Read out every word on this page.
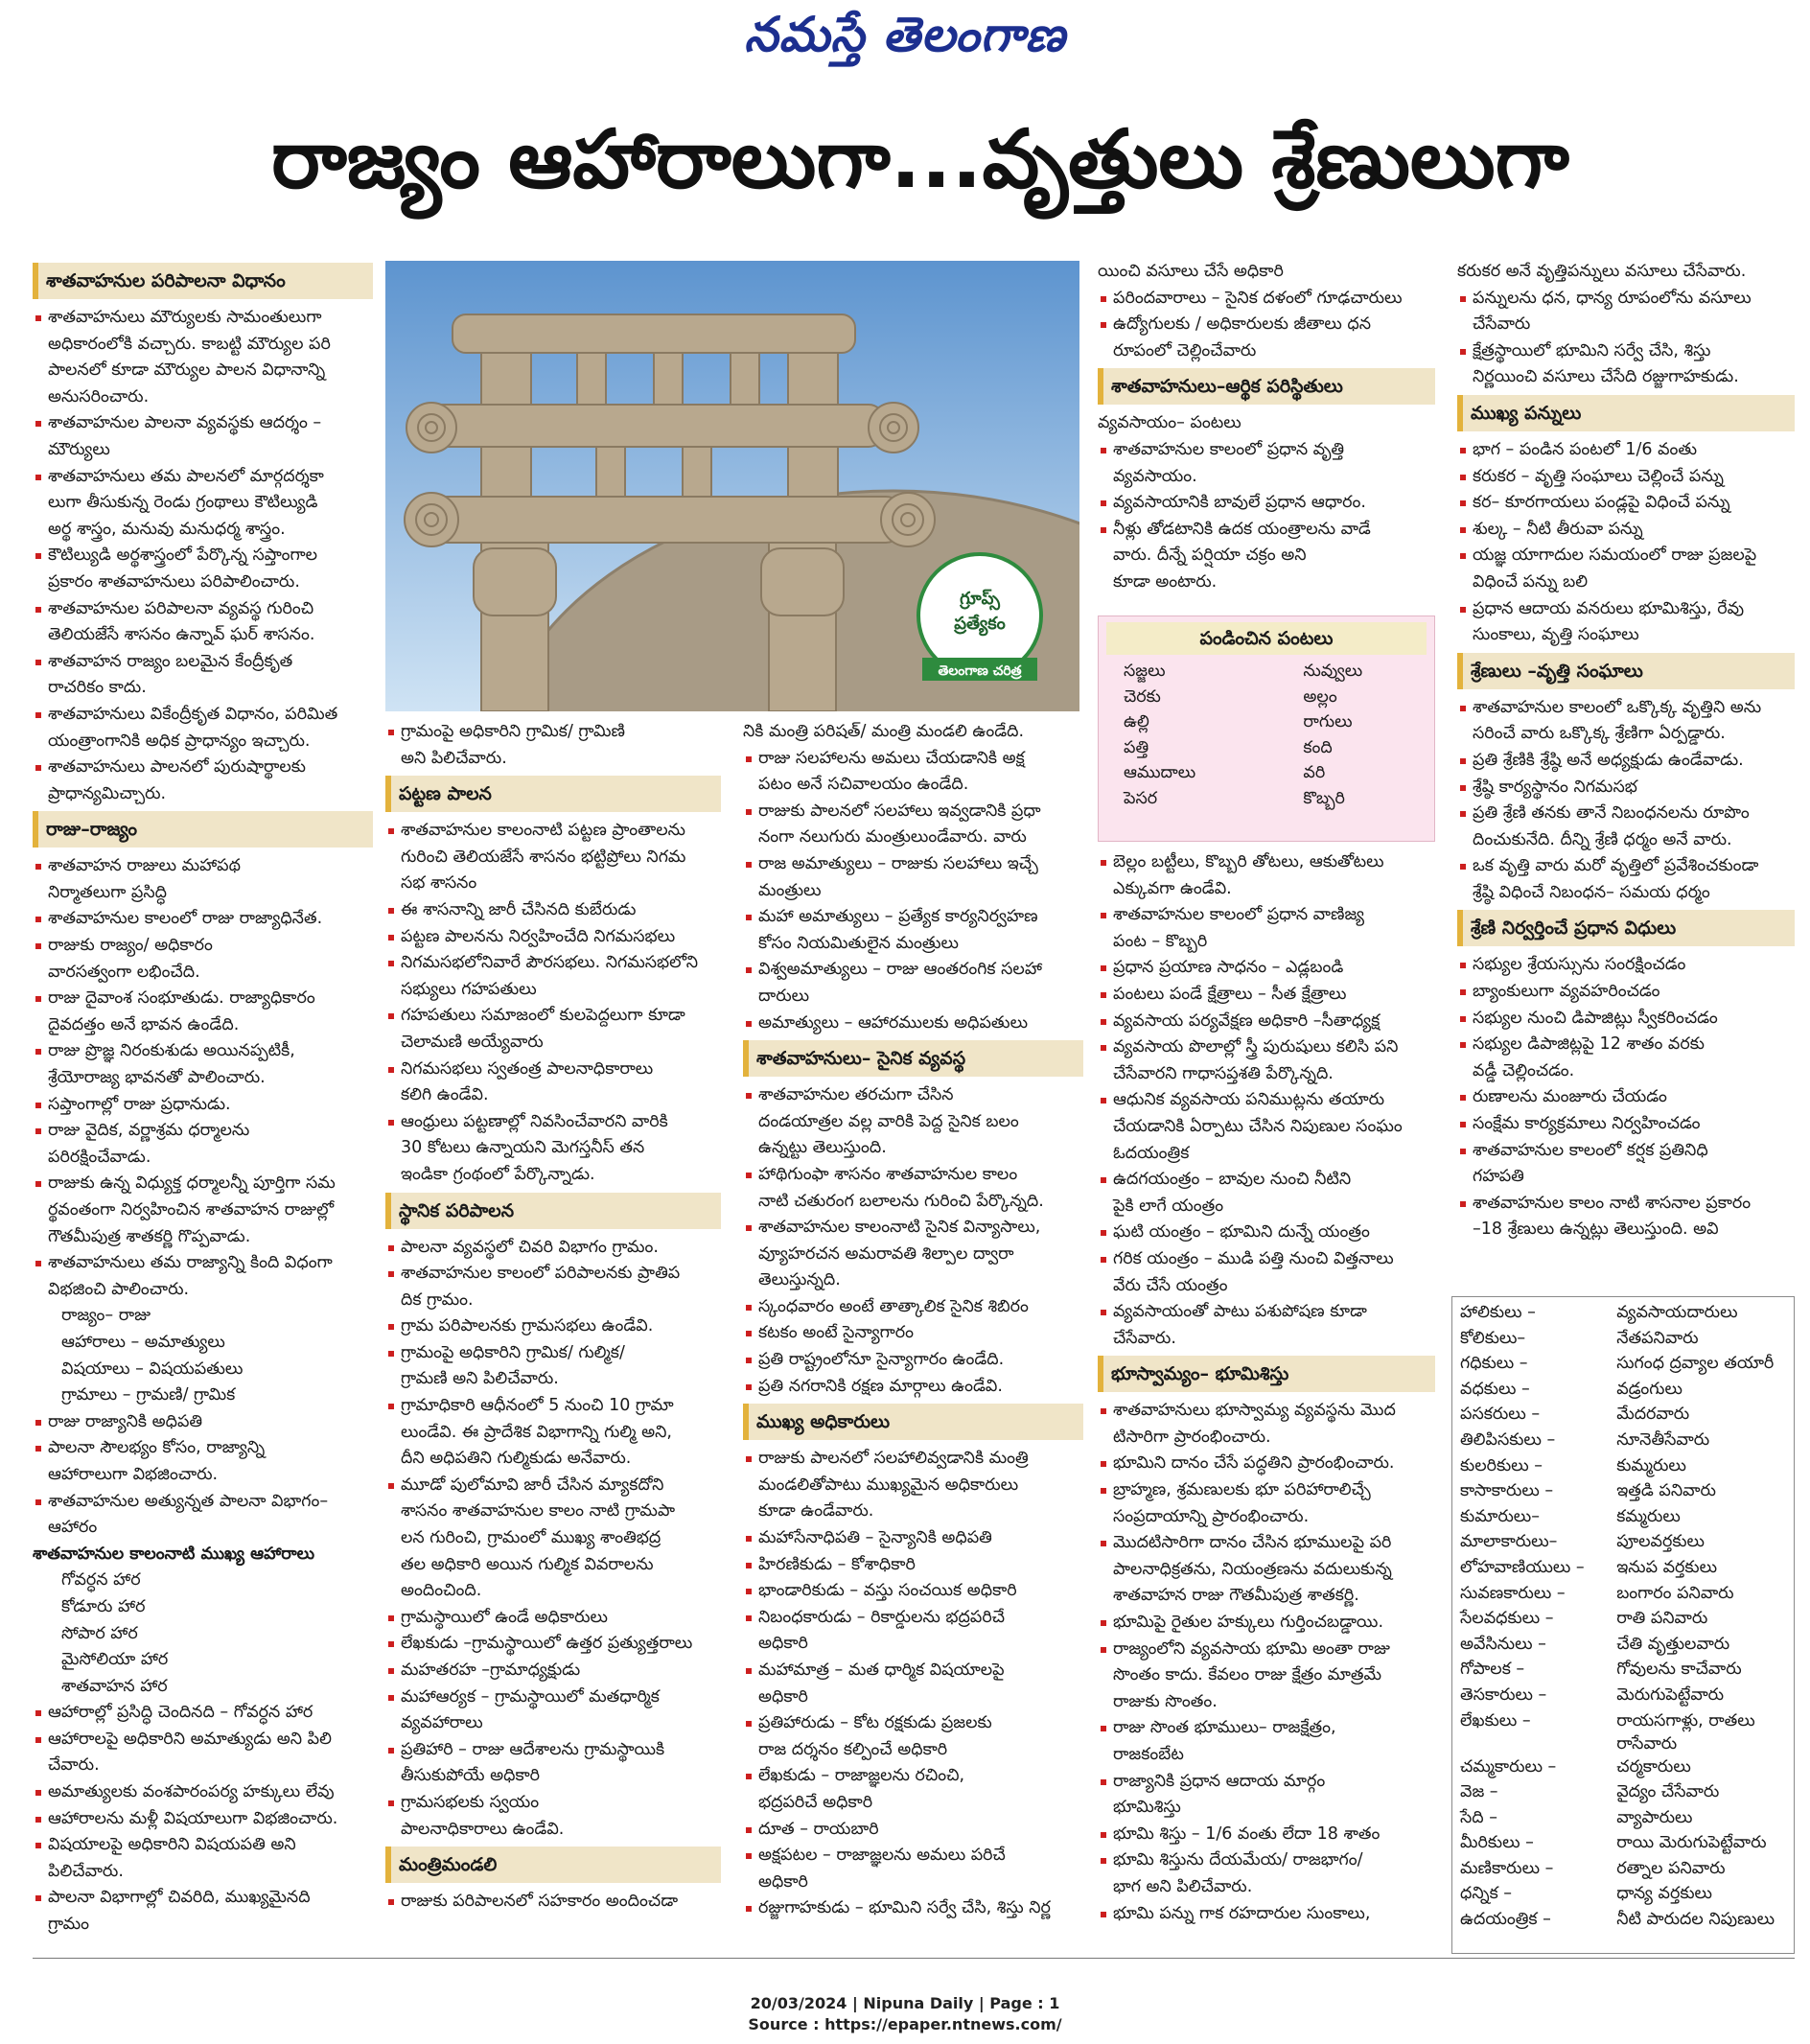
నమస్తే తెలంగాణ
రాజ్యం ఆహారాలుగా...వృత్తులు శ్రేణులుగా
శాతవాహనుల పరిపాలనా విధానం
శాతవాహనులు మౌర్యులకు సామంతులుగా
అధికారంలోకి వచ్చారు. కాబట్టి మౌర్యుల పరి
పాలనలో కూడా మౌర్యుల పాలన విధానాన్ని
అనుసరించారు.
శాతవాహనుల పాలనా వ్యవస్థకు ఆదర్శం –
మౌర్యులు
శాతవాహనులు తమ పాలనలో మార్గదర్శకా
లుగా తీసుకున్న రెండు గ్రంథాలు కౌటిల్యుడి
అర్థ శాస్త్రం, మనువు మనుధర్మ శాస్త్రం.
కౌటిల్యుడి అర్థశాస్త్రంలో పేర్కొన్న సప్తాంగాల
ప్రకారం శాతవాహనులు పరిపాలించారు.
శాతవాహనుల పరిపాలనా వ్యవస్థ గురించి
తెలియజేసే శాసనం ఉన్నావ్ ఘర్ శాసనం.
శాతవాహన రాజ్యం బలమైన కేంద్రీకృత
రాచరికం కాదు.
శాతవాహనులు వికేంద్రీకృత విధానం, పరిమిత
యంత్రాంగానికి అధిక ప్రాధాన్యం ఇచ్చారు.
శాతవాహనులు పాలనలో పురుషార్థాలకు
ప్రాధాన్యమిచ్చారు.
రాజు–రాజ్యం
శాతవాహన రాజులు మహాపథ
నిర్మాతలుగా ప్రసిద్ధి
శాతవాహనుల కాలంలో రాజు రాజ్యాధినేత.
రాజుకు రాజ్యం/ అధికారం
వారసత్వంగా లభించేది.
రాజు దైవాంశ సంభూతుడు. రాజ్యాధికారం
దైవదత్తం అనే భావన ఉండేది.
రాజు ప్రొజ్ఞ నిరంకుశుడు అయినప్పటికీ,
శ్రేయోరాజ్య భావనతో పాలించారు.
సప్తాంగాల్లో రాజు ప్రధానుడు.
రాజు వైదిక, వర్ణాశ్రమ ధర్మాలను
పరిరక్షించేవాడు.
రాజుకు ఉన్న విధ్యుక్త ధర్మాలన్నీ పూర్తిగా సమ
ర్థవంతంగా నిర్వహించిన శాతవాహన రాజుల్లో
గౌతమీపుత్ర శాతకర్ణి గొప్పవాడు.
శాతవాహనులు తమ రాజ్యాన్ని కింది విధంగా
విభజించి పాలించారు.
రాజ్యం– రాజు
ఆహారాలు – అమాత్యులు
విషయాలు – విషయపతులు
గ్రామాలు – గ్రామణి/ గ్రామిక
రాజు రాజ్యానికి అధిపతి
పాలనా సౌలభ్యం కోసం, రాజ్యాన్ని
ఆహారాలుగా విభజించారు.
శాతవాహనుల అత్యున్నత పాలనా విభాగం–
ఆహారం
శాతవాహనుల కాలంనాటి ముఖ్య ఆహారాలు
గోవర్ధన హార
కోడూరు హార
సోపార హార
మైసోలియా హార
శాతవాహన హార
ఆహారాల్లో ప్రసిద్ధి చెందినది – గోవర్ధన హార
ఆహారాలపై అధికారిని అమాత్యుడు అని పిలి
చేవారు.
అమాత్యులకు వంశపారంపర్య హక్కులు లేవు
ఆహారాలను మళ్లీ విషయాలుగా విభజించారు.
విషయాలపై అధికారిని విషయపతి అని పిలిచేవారు.
పాలనా విభాగాల్లో చివరిది, ముఖ్యమైనది
గ్రామం
గ్రూప్స్
ప్రత్యేకం
తెలంగాణ చరిత్ర
గ్రామంపై అధికారిని గ్రామిక/ గ్రామిణి
అని పిలిచేవారు.
పట్టణ పాలన
శాతవాహనుల కాలంనాటి పట్టణ ప్రాంతాలను
గురించి తెలియజేసే శాసనం భట్టిప్రోలు నిగమ
సభ శాసనం
ఈ శాసనాన్ని జారీ చేసినది కుబేరుడు
పట్టణ పాలనను నిర్వహించేది నిగమసభలు
నిగమసభలోనివారే పౌరసభలు. నిగమసభలోని
సభ్యులు గహపతులు
గహపతులు సమాజంలో కులపెద్దలుగా కూడా
చెలామణి అయ్యేవారు
నిగమసభలు స్వతంత్ర పాలనాధికారాలు
కలిగి ఉండేవి.
ఆంధ్రులు పట్టణాల్లో నివసించేవారని వారికి
30 కోటలు ఉన్నాయని మెగస్తనీస్ తన
ఇండికా గ్రంథంలో పేర్కొన్నాడు.
స్థానిక పరిపాలన
పాలనా వ్యవస్థలో చివరి విభాగం గ్రామం.
శాతవాహనుల కాలంలో పరిపాలనకు ప్రాతిప
దిక గ్రామం.
గ్రామ పరిపాలనకు గ్రామసభలు ఉండేవి.
గ్రామంపై అధికారిని గ్రామిక/ గుల్మిక/
గ్రామణి అని పిలిచేవారు.
గ్రామాధికారి ఆధీనంలో 5 నుంచి 10 గ్రామా
లుండేవి. ఈ ప్రాదేశిక విభాగాన్ని గుల్మి అని,
దీని అధిపతిని గుల్మికుడు అనేవారు.
మూడో పులోమావి జారీ చేసిన మ్యాకదోని
శాసనం శాతవాహనుల కాలం నాటి గ్రామపా
లన గురించి, గ్రామంలో ముఖ్య శాంతిభద్ర
తల అధికారి అయిన గుల్మిక వివరాలను
అందించింది.
గ్రామస్థాయిలో ఉండే అధికారులు
లేఖకుడు –గ్రామస్థాయిలో ఉత్తర ప్రత్యుత్తరాలు
మహతరహ –గ్రామాధ్యక్షుడు
మహాఆర్యక – గ్రామస్థాయిలో మతధార్మిక
వ్యవహారాలు
ప్రతిహారి – రాజు ఆదేశాలను గ్రామస్థాయికి
తీసుకుపోయే అధికారి
గ్రామసభలకు స్వయం
పాలనాధికారాలు ఉండేవి.
మంత్రిమండలి
రాజుకు పరిపాలనలో సహకారం అందించడా
నికి మంత్రి పరిషత్/ మంత్రి మండలి ఉండేది.
రాజు సలహాలను అమలు చేయడానికి అక్ష
పటం అనే సచివాలయం ఉండేది.
రాజుకు పాలనలో సలహాలు ఇవ్వడానికి ప్రధా
నంగా నలుగురు మంత్రులుండేవారు. వారు
రాజ అమాత్యులు – రాజుకు సలహాలు ఇచ్చే
మంత్రులు
మహా అమాత్యులు – ప్రత్యేక కార్యనిర్వహణ
కోసం నియమితులైన మంత్రులు
విశ్వఅమాత్యులు – రాజు ఆంతరంగిక సలహా
దారులు
అమాత్యులు – ఆహారములకు అధిపతులు
శాతవాహనులు– సైనిక వ్యవస్థ
శాతవాహనుల తరచుగా చేసిన
దండయాత్రల వల్ల వారికి పెద్ద సైనిక బలం
ఉన్నట్టు తెలుస్తుంది.
హాథిగుంఫా శాసనం శాతవాహనుల కాలం
నాటి చతురంగ బలాలను గురించి పేర్కొన్నది.
శాతవాహనుల కాలంనాటి సైనిక విన్యాసాలు,
వ్యూహరచన అమరావతి శిల్పాల ద్వారా
తెలుస్తున్నది.
స్కంధవారం అంటే తాత్కాలిక సైనిక శిబిరం
కటకం అంటే సైన్యాగారం
ప్రతి రాష్ట్రంలోనూ సైన్యాగారం ఉండేది.
ప్రతి నగరానికి రక్షణ మార్గాలు ఉండేవి.
ముఖ్య అధికారులు
రాజుకు పాలనలో సలహాలివ్వడానికి మంత్రి
మండలితోపాటు ముఖ్యమైన అధికారులు
కూడా ఉండేవారు.
మహాసేనాధిపతి – సైన్యానికి అధిపతి
హిరణికుడు – కోశాధికారి
భాండారికుడు – వస్తు సంచయిక అధికారి
నిబంధకారుడు – రికార్డులను భద్రపరిచే
అధికారి
మహామాత్ర – మత ధార్మిక విషయాలపై
అధికారి
ప్రతిహారుడు – కోట రక్షకుడు ప్రజలకు
రాజ దర్శనం కల్పించే అధికారి
లేఖకుడు – రాజాజ్ఞలను రచించి,
భద్రపరిచే అధికారి
దూత – రాయబారి
అక్షపటల – రాజాజ్ఞలను అమలు పరిచే
అధికారి
రజ్జుగాహకుడు – భూమిని సర్వే చేసి, శిస్తు నిర్ణ
యించి వసూలు చేసే అధికారి
పరిందవారాలు – సైనిక దళంలో గూఢచారులు
ఉద్యోగులకు / అధికారులకు జీతాలు ధన
రూపంలో చెల్లించేవారు
శాతవాహనులు–ఆర్థిక పరిస్థితులు
వ్యవసాయం– పంటలు
శాతవాహనుల కాలంలో ప్రధాన వృత్తి
వ్యవసాయం.
వ్యవసాయానికి బావులే ప్రధాన ఆధారం.
నీళ్లు తోడటానికి ఉదక యంత్రాలను వాడే
వారు. దీన్నే పర్షియా చక్రం అని
కూడా అంటారు.
పండించిన పంటలు
సజ్జలు	నువ్వులు
చెరకు	అల్లం
ఉల్లి	రాగులు
పత్తి	కంది
ఆముదాలు	వరి
పెసర	కొబ్బరి
బెల్లం బట్టీలు, కొబ్బరి తోటలు, ఆకుతోటలు
ఎక్కువగా ఉండేవి.
శాతవాహనుల కాలంలో ప్రధాన వాణిజ్య
పంట – కొబ్బరి
ప్రధాన ప్రయాణ సాధనం – ఎడ్లబండి
పంటలు పండే క్షేత్రాలు – సీత క్షేత్రాలు
వ్యవసాయ పర్యవేక్షణ అధికారి –సీతాధ్యక్ష
వ్యవసాయ పొలాల్లో స్త్రీ పురుషులు కలిసి పని
చేసేవారని గాధాసప్తశతి పేర్కొన్నది.
ఆధునిక వ్యవసాయ పనిముట్లను తయారు
చేయడానికి ఏర్పాటు చేసిన నిపుణుల సంఘం
ఓదయంత్రిక
ఉదగయంత్రం – బావుల నుంచి నీటిని
పైకి లాగే యంత్రం
ఘటి యంత్రం – భూమిని దున్నే యంత్రం
గరిక యంత్రం – ముడి పత్తి నుంచి విత్తనాలు
వేరు చేసే యంత్రం
వ్యవసాయంతో పాటు పశుపోషణ కూడా
చేసేవారు.
భూస్వామ్యం– భూమిశిస్తు
శాతవాహనులు భూస్వామ్య వ్యవస్థను మొద
టిసారిగా ప్రారంభించారు.
భూమిని దానం చేసే పద్ధతిని ప్రారంభించారు.
బ్రాహ్మణ, శ్రమణులకు భూ పరిహారాలిచ్చే
సంప్రదాయాన్ని ప్రారంభించారు.
మొదటిసారిగా దానం చేసిన భూములపై పరి
పాలనాధిక్రతను, నియంత్రణను వదులుకున్న
శాతవాహన రాజు గౌతమీపుత్ర శాతకర్ణి.
భూమిపై రైతుల హక్కులు గుర్తించబడ్డాయి.
రాజ్యంలోని వ్యవసాయ భూమి అంతా రాజు
సొంతం కాదు. కేవలం రాజు క్షేత్రం మాత్రమే
రాజుకు సొంతం.
రాజు సొంత భూములు– రాజక్షేత్రం,
రాజకంబేట
రాజ్యానికి ప్రధాన ఆదాయ మార్గం
భూమిశిస్తు
భూమి శిస్తు – 1/6 వంతు లేదా 18 శాతం
భూమి శిస్తును దేయమేయ/ రాజభాగం/
భాగ అని పిలిచేవారు.
భూమి పన్ను గాక రహదారుల సుంకాలు,
కరుకర అనే వృత్తిపన్నులు వసూలు చేసేవారు.
పన్నులను ధన, ధాన్య రూపంలోను వసూలు
చేసేవారు
క్షేత్రస్థాయిలో భూమిని సర్వే చేసి, శిస్తు
నిర్ణయించి వసూలు చేసేది రజ్జుగాహకుడు.
ముఖ్య పన్నులు
భాగ – పండిన పంటలో 1/6 వంతు
కరుకర – వృత్తి సంఘాలు చెల్లించే పన్ను
కర– కూరగాయలు పండ్లపై విధించే పన్ను
శుల్క – నీటి తీరువా పన్ను
యజ్ఞ యాగాదుల సమయంలో రాజు ప్రజలపై
విధించే పన్ను బలి
ప్రధాన ఆదాయ వనరులు భూమిశిస్తు, రేవు
సుంకాలు, వృత్తి సంఘాలు
శ్రేణులు –వృత్తి సంఘాలు
శాతవాహనుల కాలంలో ఒక్కొక్క వృత్తిని అను
సరించే వారు ఒక్కొక్క శ్రేణిగా ఏర్పడ్డారు.
ప్రతి శ్రేణికి శ్రేష్ఠి అనే అధ్యక్షుడు ఉండేవాడు.
శ్రేష్ఠి కార్యస్థానం నిగమసభ
ప్రతి శ్రేణి తనకు తానే నిబంధనలను రూపొం
దించుకునేది. దీన్ని శ్రేణి ధర్మం అనే వారు.
ఒక వృత్తి వారు మరో వృత్తిలో ప్రవేశించకుండా
శ్రేష్ఠి విధించే నిబంధన– సమయ ధర్మం
శ్రేణి నిర్వర్తించే ప్రధాన విధులు
సభ్యుల శ్రేయస్సును సంరక్షించడం
బ్యాంకులుగా వ్యవహరించడం
సభ్యుల నుంచి డిపాజిట్లు స్వీకరించడం
సభ్యుల డిపాజిట్లపై 12 శాతం వరకు
వడ్డీ చెల్లించడం.
రుణాలను మంజూరు చేయడం
సంక్షేమ కార్యక్రమాలు నిర్వహించడం
శాతవాహనుల కాలంలో కర్షక ప్రతినిధి
గహపతి
శాతవాహనుల కాలం నాటి శాసనాల ప్రకారం
–18 శ్రేణులు ఉన్నట్లు తెలుస్తుంది. అవి
హాలికులు –	వ్యవసాయదారులు
కోలికులు–	నేతపనివారు
గధికులు –	సుగంధ ద్రవ్యాల తయారీ
వధకులు –	వడ్రంగులు
పసకరులు –	మేదరవారు
తిలిపిసకులు –	నూనెతీసేవారు
కులరికులు –	కుమ్మరులు
కాసాకారులు –	ఇత్తడి పనివారు
కుమారులు–	కమ్మరులు
మాలాకారులు–	పూలవర్తకులు
లోహవాణియులు –	ఇనుప వర్తకులు
సువణకారులు –	బంగారం పనివారు
సేలవధకులు –	రాతి పనివారు
అవేసినులు –	చేతి వృత్తులవారు
గోపాలక –	గోవులను కాచేవారు
తెసకారులు –	మెరుగుపెట్టేవారు
లేఖకులు –	రాయసగాళ్లు, రాతలు రాసేవారు
చమ్మకారులు –	చర్మకారులు
వెజ –	వైద్యం చేసేవారు
సేది –	వ్యాపారులు
మీరికులు –	రాయి మెరుగుపెట్టేవారు
మణికారులు –	రత్నాల పనివారు
ధన్నిక –	ధాన్య వర్తకులు
ఉదయంత్రిక –	నీటి పారుదల నిపుణులు
20/03/2024 | Nipuna Daily | Page : 1
Source : https://epaper.ntnews.com/
